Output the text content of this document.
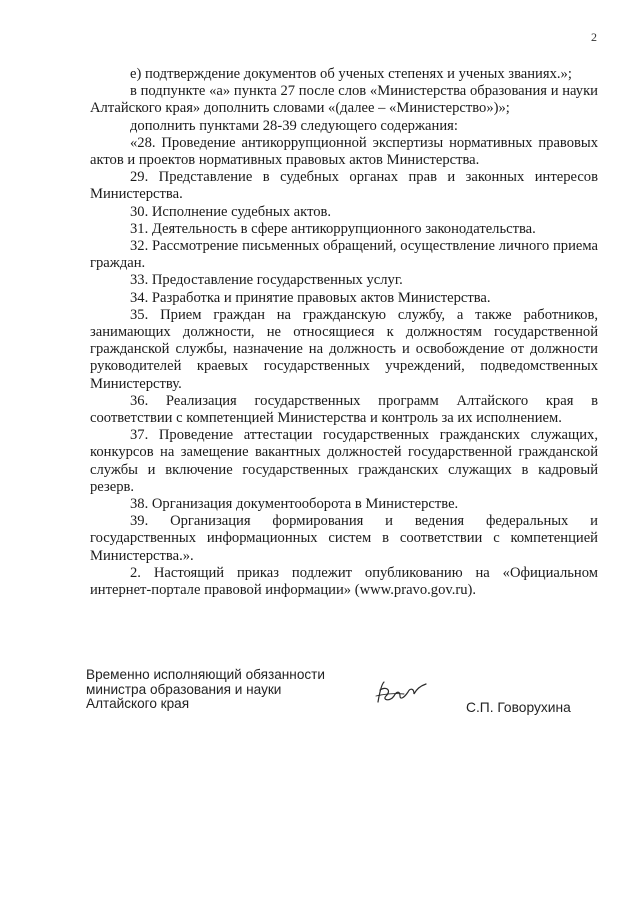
2

е) подтверждение документов об ученых степенях и ученых званиях.»;

в подпункте «а» пункта 27 после слов «Министерства образования и науки Алтайского края» дополнить словами «(далее – «Министерство»)»;

дополнить пунктами 28-39 следующего содержания:

«28. Проведение антикоррупционной экспертизы нормативных правовых актов и проектов нормативных правовых актов Министерства.

29. Представление в судебных органах прав и законных интересов Министерства.

30. Исполнение судебных актов.

31. Деятельность в сфере антикоррупционного законодательства.

32. Рассмотрение письменных обращений, осуществление личного приема граждан.

33. Предоставление государственных услуг.

34. Разработка и принятие правовых актов Министерства.

35. Прием граждан на гражданскую службу, а также работников, занимающих должности, не относящиеся к должностям государственной гражданской службы, назначение на должность и освобождение от должности руководителей краевых государственных учреждений, подведомственных Министерству.

36. Реализация государственных программ Алтайского края в соответствии с компетенцией Министерства и контроль за их исполнением.

37. Проведение аттестации государственных гражданских служащих, конкурсов на замещение вакантных должностей государственной гражданской службы и включение государственных гражданских служащих в кадровый резерв.

38. Организация документооборота в Министерстве.

39. Организация формирования и ведения федеральных и государственных информационных систем в соответствии с компетенцией Министерства.».

2. Настоящий приказ подлежит опубликованию на «Официальном интернет-портале правовой информации» (www.pravo.gov.ru).

Временно исполняющий обязанности
министра образования и науки
Алтайского края	С.П. Говорухина
